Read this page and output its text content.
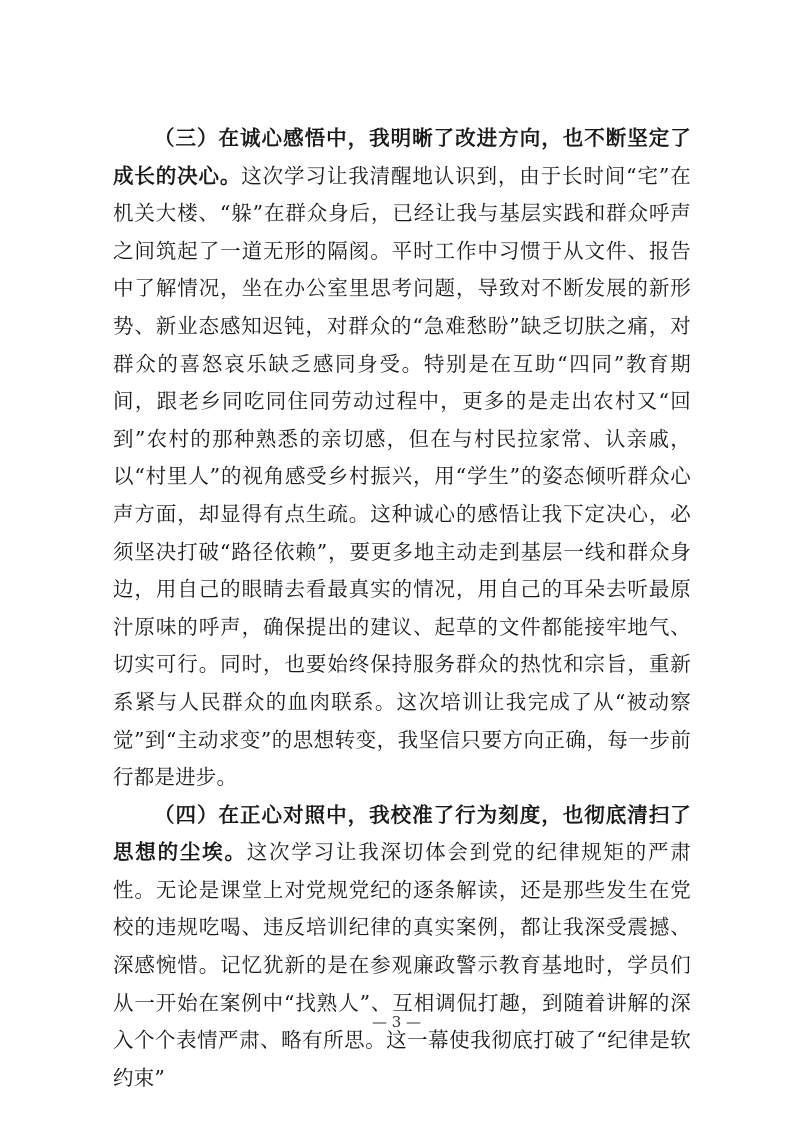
（三）在诚心感悟中，我明晰了改进方向，也不断坚定了成长的决心。这次学习让我清醒地认识到，由于长时间“宅”在机关大楼、“躲”在群众身后，已经让我与基层实践和群众呼声之间筑起了一道无形的隔阂。平时工作中习惯于从文件、报告中了解情况，坐在办公室里思考问题，导致对不断发展的新形势、新业态感知迟钝，对群众的“急难愁盼”缺乏切肤之痛，对群众的喜怒哀乐缺乏感同身受。特别是在互助“四同”教育期间，跟老乡同吃同住同劳动过程中，更多的是走出农村又“回到”农村的那种熟悉的亲切感，但在与村民拉家常、认亲戚，以“村里人”的视角感受乡村振兴，用“学生”的姿态倾听群众心声方面，却显得有点生疏。这种诚心的感悟让我下定决心，必须坚决打破“路径依赖”，要更多地主动走到基层一线和群众身边，用自己的眼睛去看最真实的情况，用自己的耳朵去听最原汁原味的呼声，确保提出的建议、起草的文件都能接牢地气、切实可行。同时，也要始终保持服务群众的热忱和宗旨，重新系紧与人民群众的血肉联系。这次培训让我完成了从“被动察觉”到“主动求变”的思想转变，我坚信只要方向正确，每一步前行都是进步。

（四）在正心对照中，我校准了行为刻度，也彻底清扫了思想的尘埃。这次学习让我深切体会到党的纪律规矩的严肃性。无论是课堂上对党规党纪的逐条解读，还是那些发生在党校的违规吃喝、违反培训纪律的真实案例，都让我深受震撼、深感惋惜。记忆犹新的是在参观廉政警示教育基地时，学员们从一开始在案例中“找熟人”、互相调侃打趣，到随着讲解的深入个个表情严肃、略有所思。这一幕使我彻底打破了“纪律是软约束”

— 3 —
